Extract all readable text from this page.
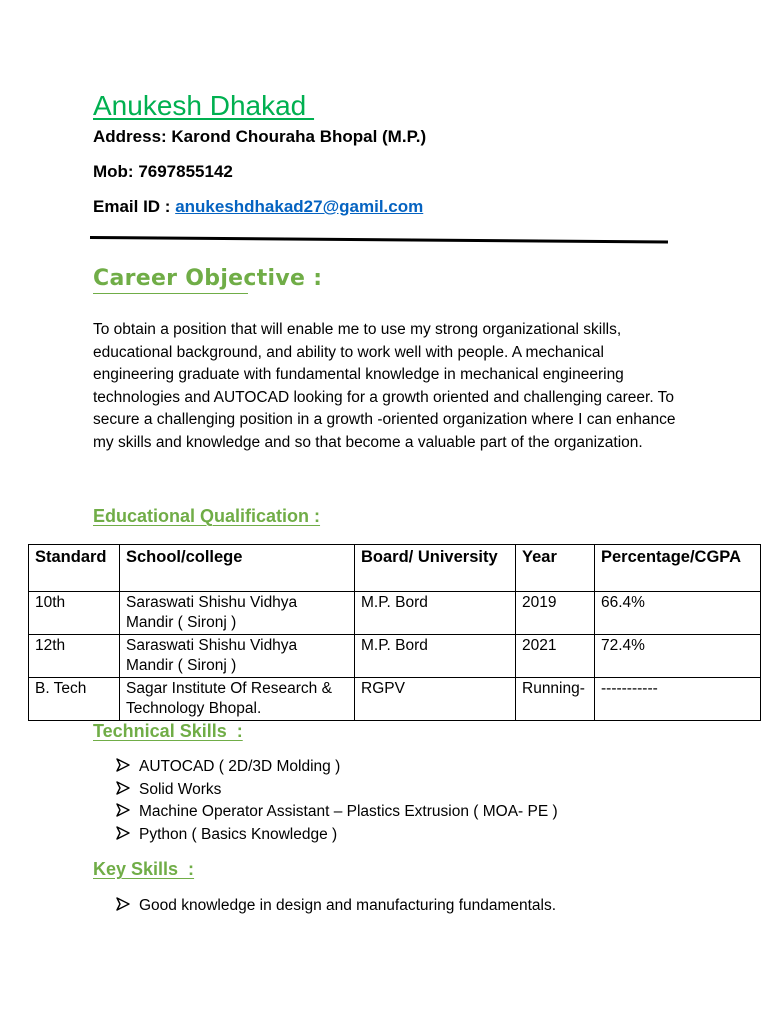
Anukesh Dhakad
Address: Karond Chouraha Bhopal (M.P.)
Mob: 7697855142
Email ID : anukeshdhakad27@gamil.com
Career Objective :
To obtain a position that will enable me to use my strong organizational skills, educational background, and ability to work well with people. A mechanical engineering graduate with fundamental knowledge in mechanical engineering technologies and AUTOCAD looking for a growth oriented and challenging career. To secure a challenging position in a growth -oriented organization where I can enhance my skills and knowledge and so that become a valuable part of the organization.
Educational Qualification :
Standard	School/college	Board/ University	Year	Percentage/CGPA
10th	Saraswati Shishu Vidhya Mandir ( Sironj )	M.P. Bord	2019	66.4%
12th	Saraswati Shishu Vidhya Mandir ( Sironj )	M.P. Bord	2021	72.4%
B. Tech	Sagar Institute Of Research & Technology Bhopal.	RGPV	Running-	-----------
Technical Skills  :
AUTOCAD ( 2D/3D Molding )
Solid Works
Machine Operator Assistant – Plastics Extrusion ( MOA- PE )
Python ( Basics Knowledge )
Key Skills  :
Good knowledge in design and manufacturing fundamentals.
